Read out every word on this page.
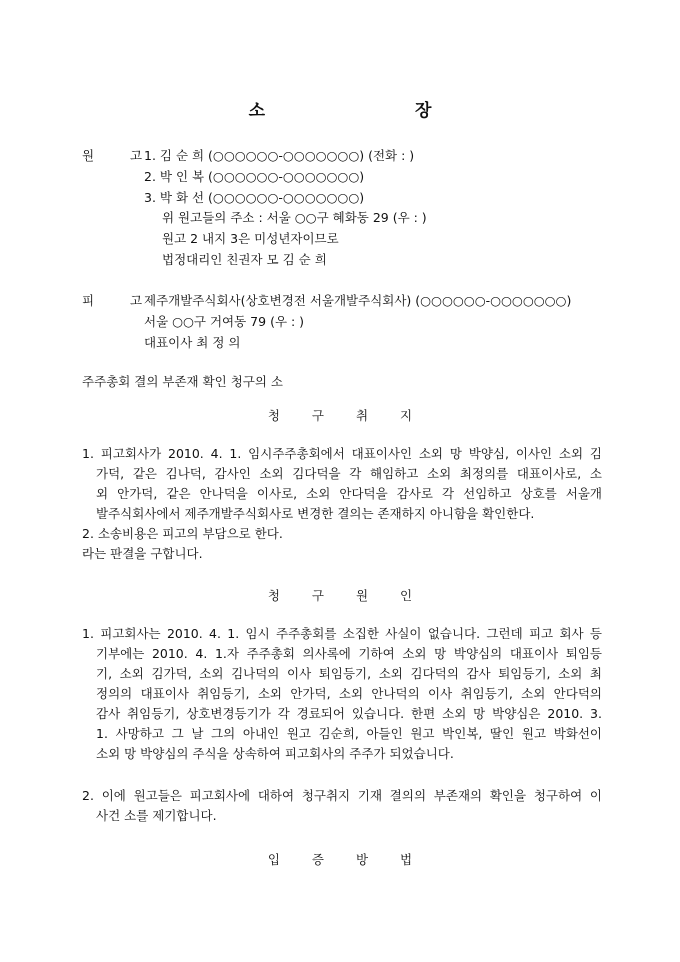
소 장
원 고
1. 김 순 희 (○○○○○○-○○○○○○○) (전화 : )
2. 박 인 복 (○○○○○○-○○○○○○○)
3. 박 화 선 (○○○○○○-○○○○○○○)
위 원고들의 주소 : 서울 ○○구 혜화동 29 (우 : )
원고 2 내지 3은 미성년자이므로
법정대리인 친권자 모 김 순 희
피 고
제주개발주식회사(상호변경전 서울개발주식회사) (○○○○○○-○○○○○○○)
서울 ○○구 거여동 79 (우 : )
대표이사 최 정 의
주주총회 결의 부존재 확인 청구의 소
청 구 취 지
1. 피고회사가 2010. 4. 1. 임시주주총회에서 대표이사인 소외 망 박양심, 이사인 소외 김
가덕, 같은 김나덕, 감사인 소외 김다덕을 각 해임하고 소외 최정의를 대표이사로, 소
외 안가덕, 같은 안나덕을 이사로, 소외 안다덕을 감사로 각 선임하고 상호를 서울개
발주식회사에서 제주개발주식회사로 변경한 결의는 존재하지 아니함을 확인한다.
2. 소송비용은 피고의 부담으로 한다.
라는 판결을 구합니다.
청 구 원 인
1. 피고회사는 2010. 4. 1. 임시 주주총회를 소집한 사실이 없습니다. 그런데 피고 회사 등
기부에는 2010. 4. 1.자 주주총회 의사록에 기하여 소외 망 박양심의 대표이사 퇴임등
기, 소외 김가덕, 소외 김나덕의 이사 퇴임등기, 소외 김다덕의 감사 퇴임등기, 소외 최
정의의 대표이사 취임등기, 소외 안가덕, 소외 안나덕의 이사 취임등기, 소외 안다덕의
감사 취임등기, 상호변경등기가 각 경료되어 있습니다. 한편 소외 망 박양심은 2010. 3.
1. 사망하고 그 날 그의 아내인 원고 김순희, 아들인 원고 박인복, 딸인 원고 박화선이
소외 망 박양심의 주식을 상속하여 피고회사의 주주가 되었습니다.
2. 이에 원고들은 피고회사에 대하여 청구취지 기재 결의의 부존재의 확인을 청구하여 이
사건 소를 제기합니다.
입 증 방 법
